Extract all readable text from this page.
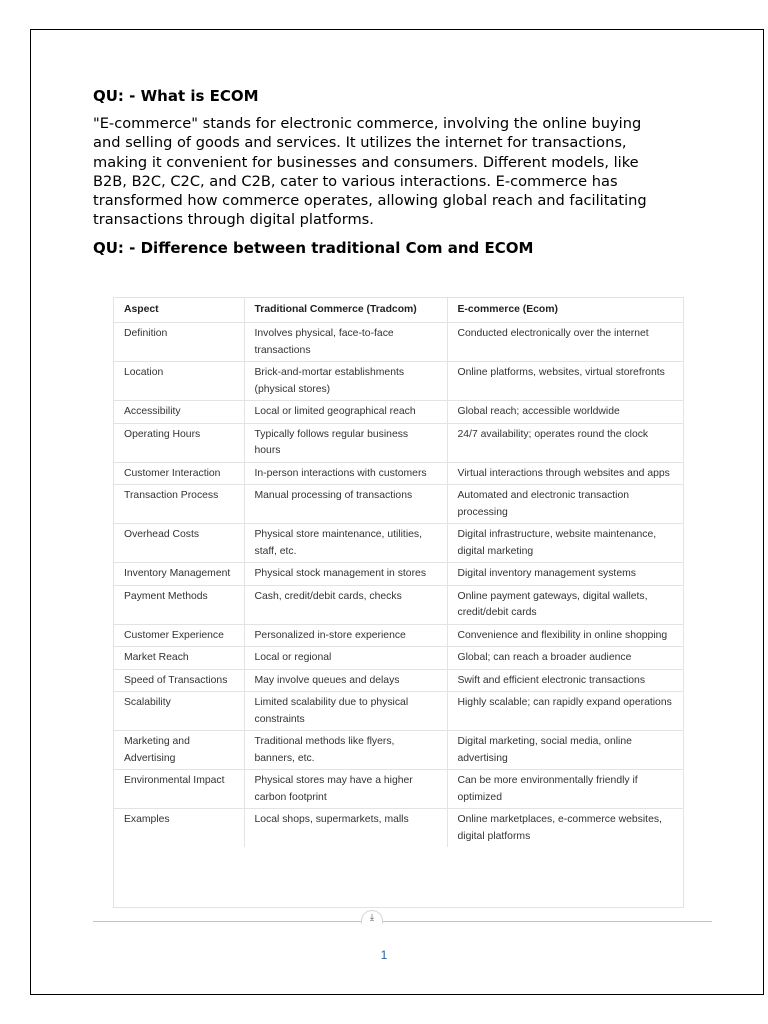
QU: - What is ECOM

"E-commerce" stands for electronic commerce, involving the online buying and selling of goods and services. It utilizes the internet for transactions, making it convenient for businesses and consumers. Different models, like B2B, B2C, C2C, and C2B, cater to various interactions. E-commerce has transformed how commerce operates, allowing global reach and facilitating transactions through digital platforms.

QU: - Difference between traditional Com and ECOM
Aspect	Traditional Commerce (Tradcom)	E-commerce (Ecom)
Definition	Involves physical, face-to-face transactions	Conducted electronically over the internet
Location	Brick-and-mortar establishments (physical stores)	Online platforms, websites, virtual storefronts
Accessibility	Local or limited geographical reach	Global reach; accessible worldwide
Operating Hours	Typically follows regular business hours	24/7 availability; operates round the clock
Customer Interaction	In-person interactions with customers	Virtual interactions through websites and apps
Transaction Process	Manual processing of transactions	Automated and electronic transaction processing
Overhead Costs	Physical store maintenance, utilities, staff, etc.	Digital infrastructure, website maintenance, digital marketing
Inventory Management	Physical stock management in stores	Digital inventory management systems
Payment Methods	Cash, credit/debit cards, checks	Online payment gateways, digital wallets, credit/debit cards
Customer Experience	Personalized in-store experience	Convenience and flexibility in online shopping
Market Reach	Local or regional	Global; can reach a broader audience
Speed of Transactions	May involve queues and delays	Swift and efficient electronic transactions
Scalability	Limited scalability due to physical constraints	Highly scalable; can rapidly expand operations
Marketing and Advertising	Traditional methods like flyers, banners, etc.	Digital marketing, social media, online advertising
Environmental Impact	Physical stores may have a higher carbon footprint	Can be more environmentally friendly if optimized
Examples	Local shops, supermarkets, malls	Online marketplaces, e-commerce websites, digital platforms
⤓
1
